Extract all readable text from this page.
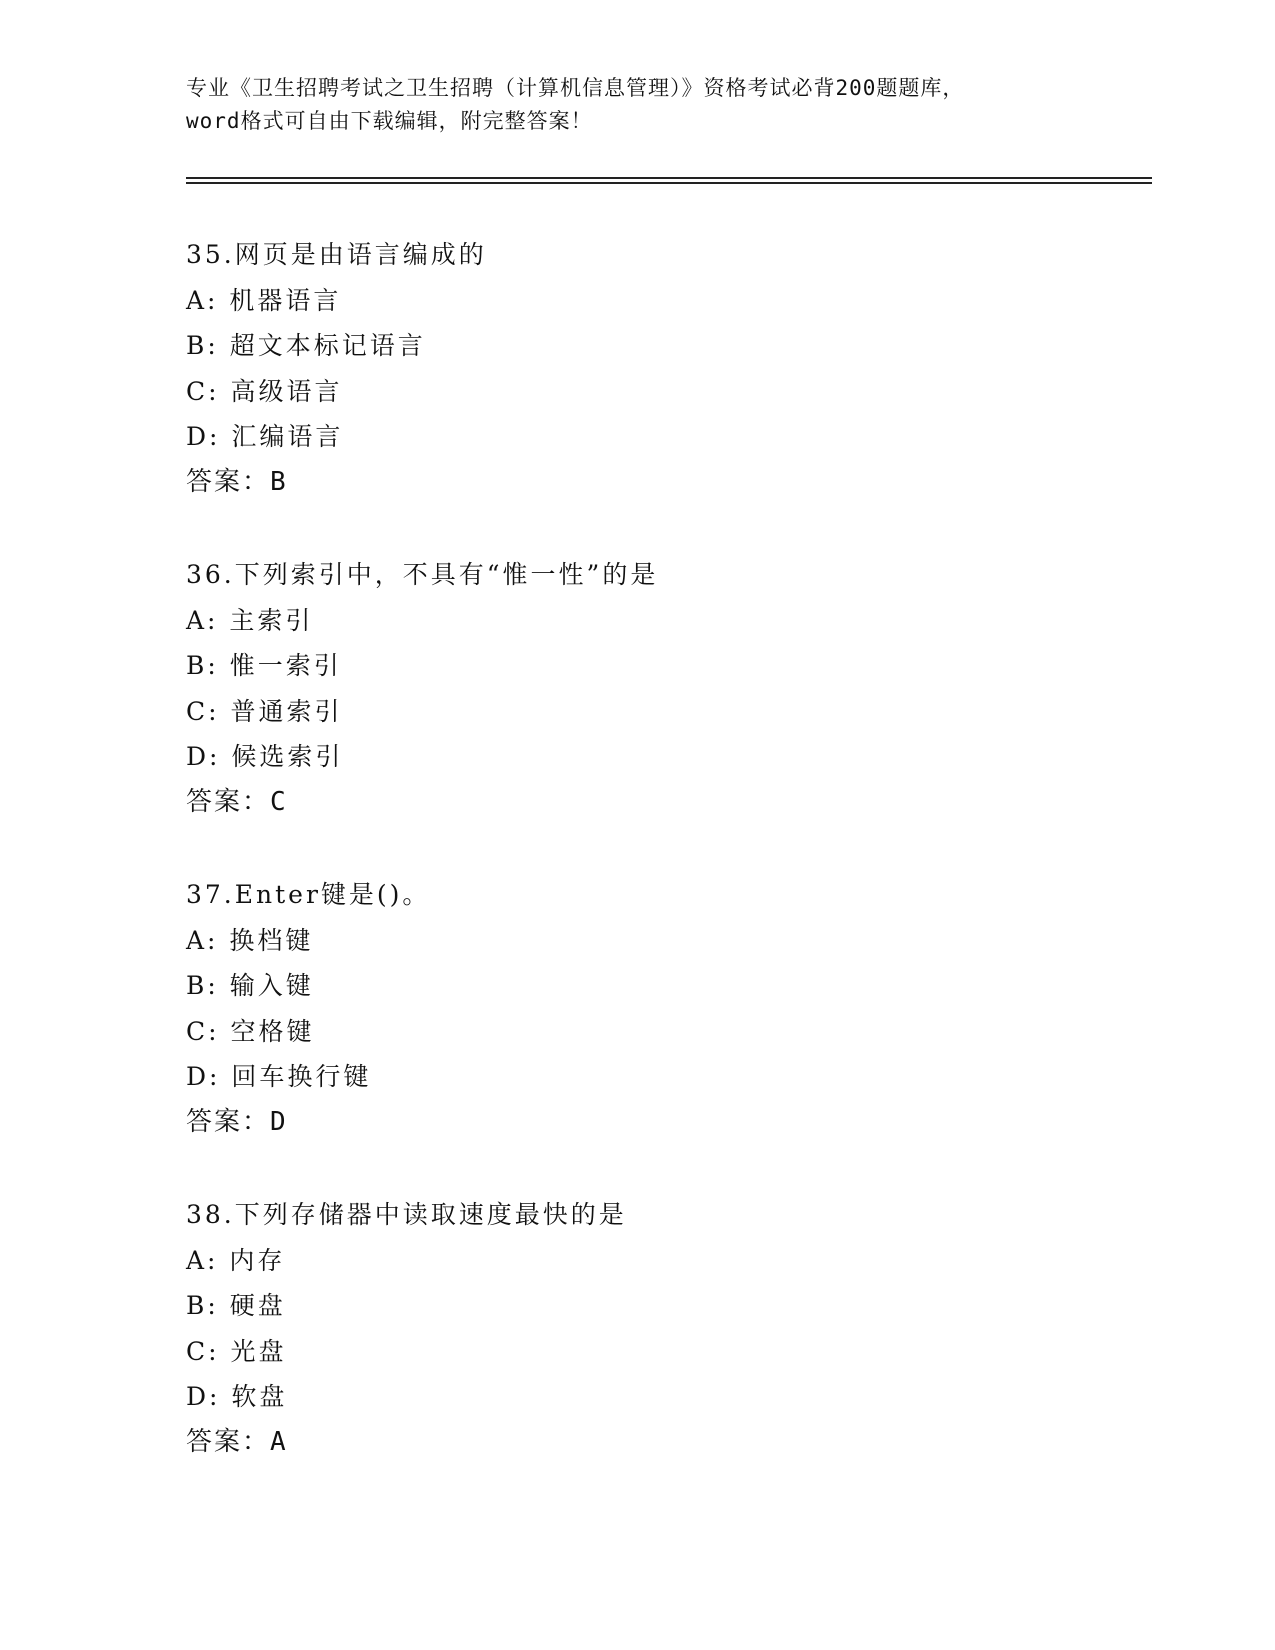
专业《卫生招聘考试之卫生招聘（计算机信息管理）》资格考试必背200题题库，
word格式可自由下载编辑，附完整答案！
35.网页是由语言编成的
A: 机器语言
B: 超文本标记语言
C: 高级语言
D: 汇编语言
答案：B
36.下列索引中，不具有“惟一性”的是
A: 主索引
B: 惟一索引
C: 普通索引
D: 候选索引
答案：C
37.Enter键是()。
A: 换档键
B: 输入键
C: 空格键
D: 回车换行键
答案：D
38.下列存储器中读取速度最快的是
A: 内存
B: 硬盘
C: 光盘
D: 软盘
答案：A
